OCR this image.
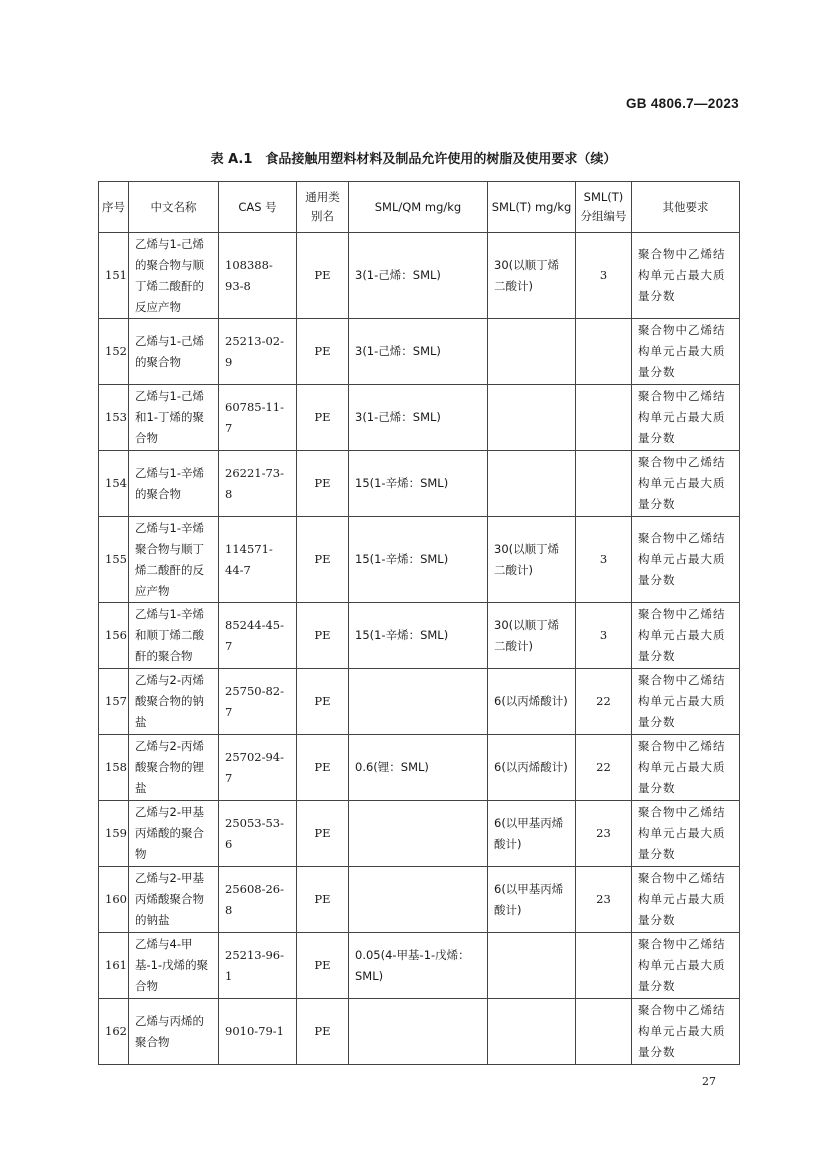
GB 4806.7—2023
表 A.1　食品接触用塑料材料及制品允许使用的树脂及使用要求（续）
序号	中文名称	CAS 号	通用类别名	SML/QM mg/kg	SML(T) mg/kg	SML(T)分组编号	其他要求
151	乙烯与1-己烯的聚合物与顺丁烯二酸酐的反应产物	108388-93-8	PE	3(1-己烯：SML)	30(以顺丁烯二酸计)	3	聚合物中乙烯结构单元占最大质量分数
152	乙烯与1-己烯的聚合物	25213-02-9	PE	3(1-己烯：SML)			聚合物中乙烯结构单元占最大质量分数
153	乙烯与1-己烯和1-丁烯的聚合物	60785-11-7	PE	3(1-己烯：SML)			聚合物中乙烯结构单元占最大质量分数
154	乙烯与1-辛烯的聚合物	26221-73-8	PE	15(1-辛烯：SML)			聚合物中乙烯结构单元占最大质量分数
155	乙烯与1-辛烯聚合物与顺丁烯二酸酐的反应产物	114571-44-7	PE	15(1-辛烯：SML)	30(以顺丁烯二酸计)	3	聚合物中乙烯结构单元占最大质量分数
156	乙烯与1-辛烯和顺丁烯二酸酐的聚合物	85244-45-7	PE	15(1-辛烯：SML)	30(以顺丁烯二酸计)	3	聚合物中乙烯结构单元占最大质量分数
157	乙烯与2-丙烯酸聚合物的钠盐	25750-82-7	PE		6(以丙烯酸计)	22	聚合物中乙烯结构单元占最大质量分数
158	乙烯与2-丙烯酸聚合物的锂盐	25702-94-7	PE	0.6(锂：SML)	6(以丙烯酸计)	22	聚合物中乙烯结构单元占最大质量分数
159	乙烯与2-甲基丙烯酸的聚合物	25053-53-6	PE		6(以甲基丙烯酸计)	23	聚合物中乙烯结构单元占最大质量分数
160	乙烯与2-甲基丙烯酸聚合物的钠盐	25608-26-8	PE		6(以甲基丙烯酸计)	23	聚合物中乙烯结构单元占最大质量分数
161	乙烯与4-甲基-1-戊烯的聚合物	25213-96-1	PE	0.05(4-甲基-1-戊烯：SML)			聚合物中乙烯结构单元占最大质量分数
162	乙烯与丙烯的聚合物	9010-79-1	PE				聚合物中乙烯结构单元占最大质量分数
27
